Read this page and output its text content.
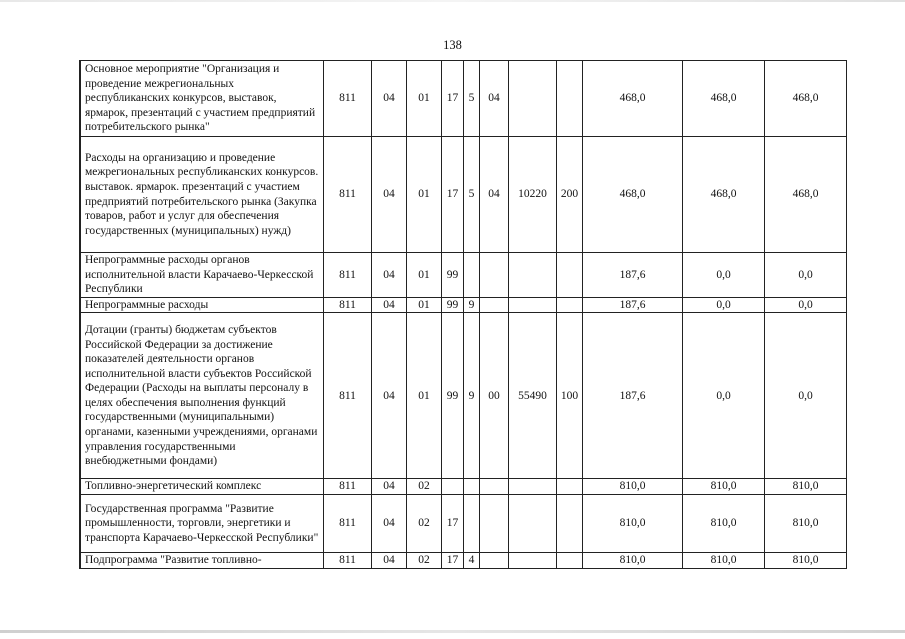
138
	Основное мероприятие "Организация и проведение межрегиональных республиканских конкурсов, выставок, ярмарок, презентаций с участием предприятий потребительского рынка"	811	04	01	17	5	04			468,0	468,0	468,0
	Расходы на организацию и проведение межрегиональных республиканских конкурсов. выставок. ярмарок. презентаций с участием предприятий потребительского рынка (Закупка товаров, работ и услуг для обеспечения государственных (муниципальных) нужд)	811	04	01	17	5	04	10220	200	468,0	468,0	468,0
	Непрограммные расходы органов исполнительной власти Карачаево-Черкесской Республики	811	04	01	99					187,6	0,0	0,0
	Непрограммные расходы	811	04	01	99	9				187,6	0,0	0,0
	Дотации (гранты) бюджетам субъектов Российской Федерации за достижение показателей деятельности органов исполнительной власти субъектов Российской Федерации (Расходы на выплаты персоналу в целях обеспечения выполнения функций государственными (муниципальными) органами, казенными учреждениями, органами управления государственными внебюджетными фондами)	811	04	01	99	9	00	55490	100	187,6	0,0	0,0
	Топливно-энергетический комплекс	811	04	02						810,0	810,0	810,0
	Государственная программа "Развитие промышленности, торговли, энергетики и транспорта Карачаево-Черкесской Республики"	811	04	02	17					810,0	810,0	810,0
	Подпрограмма "Развитие топливно-	811	04	02	17	4				810,0	810,0	810,0
